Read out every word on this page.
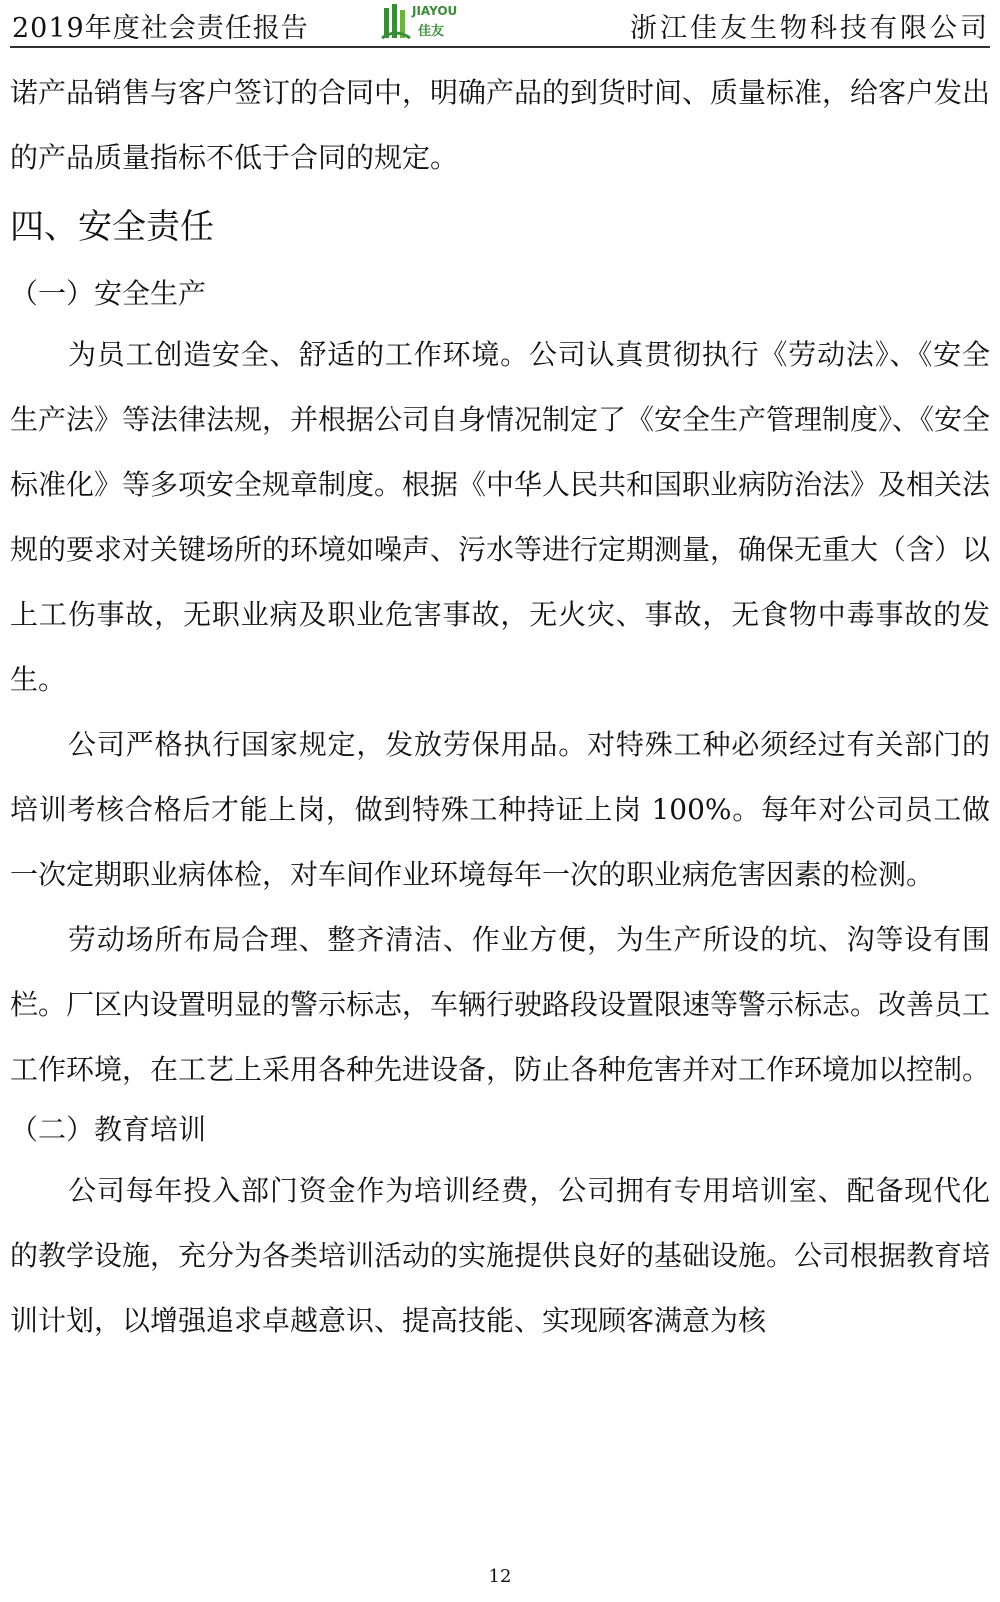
2019年度社会责任报告
JIAYOU
佳友	浙江佳友生物科技有限公司

诺产品销售与客户签订的合同中，明确产品的到货时间、质量标准，给客户发出的产品质量指标不低于合同的规定。

四、安全责任
（一）安全生产

为员工创造安全、舒适的工作环境。公司认真贯彻执行《劳动法》、《安全生产法》等法律法规，并根据公司自身情况制定了《安全生产管理制度》、《安全标准化》等多项安全规章制度。根据《中华人民共和国职业病防治法》及相关法规的要求对关键场所的环境如噪声、污水等进行定期测量，确保无重大（含）以上工伤事故，无职业病及职业危害事故，无火灾、事故，无食物中毒事故的发生。

公司严格执行国家规定，发放劳保用品。对特殊工种必须经过有关部门的培训考核合格后才能上岗，做到特殊工种持证上岗 100%。每年对公司员工做一次定期职业病体检，对车间作业环境每年一次的职业病危害因素的检测。

劳动场所布局合理、整齐清洁、作业方便，为生产所设的坑、沟等设有围栏。厂区内设置明显的警示标志，车辆行驶路段设置限速等警示标志。改善员工工作环境，在工艺上采用各种先进设备，防止各种危害并对工作环境加以控制。

（二）教育培训

公司每年投入部门资金作为培训经费，公司拥有专用培训室、配备现代化的教学设施，充分为各类培训活动的实施提供良好的基础设施。公司根据教育培训计划，以增强追求卓越意识、提高技能、实现顾客满意为核

12
